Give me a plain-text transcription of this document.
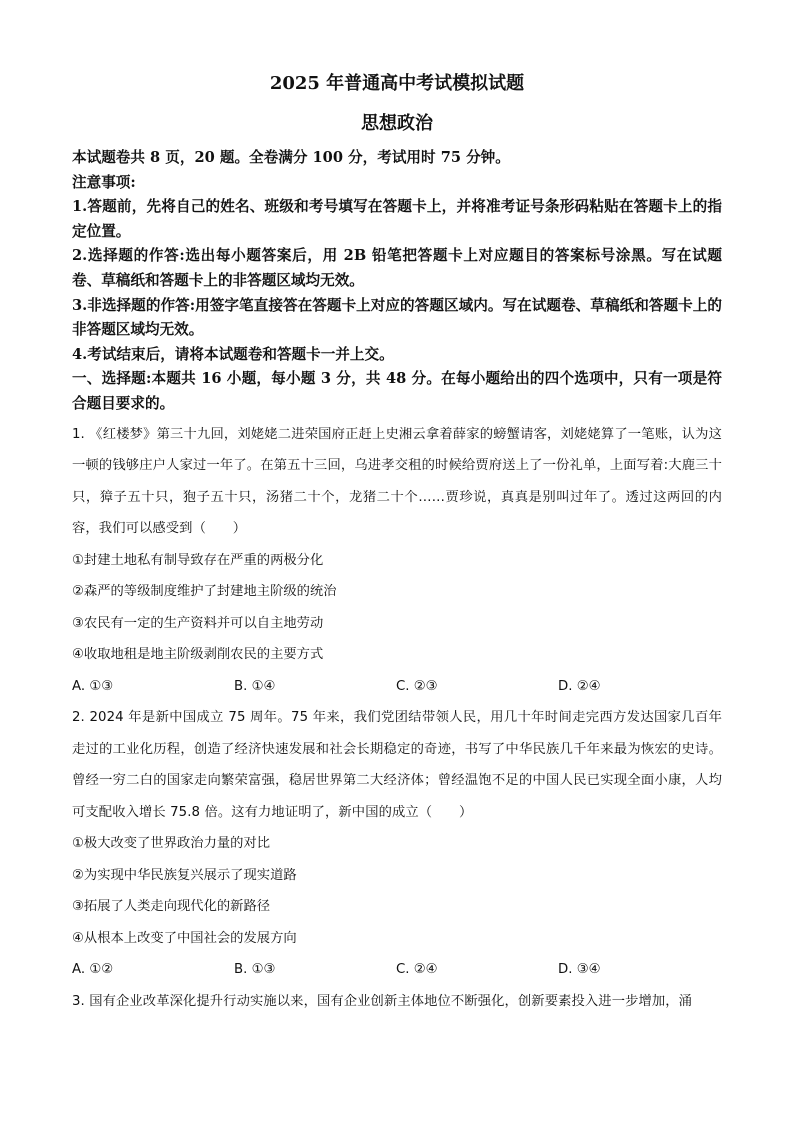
2025 年普通高中考试模拟试题
思想政治

本试题卷共 8 页，20 题。全卷满分 100 分，考试用时 75 分钟。

注意事项:

1.答题前，先将自己的姓名、班级和考号填写在答题卡上，并将准考证号条形码粘贴在答题卡上的指定位置。

2.选择题的作答:选出每小题答案后，用 2B 铅笔把答题卡上对应题目的答案标号涂黑。写在试题卷、草稿纸和答题卡上的非答题区域均无效。

3.非选择题的作答:用签字笔直接答在答题卡上对应的答题区域内。写在试题卷、草稿纸和答题卡上的非答题区域均无效。

4.考试结束后，请将本试题卷和答题卡一并上交。

一、选择题:本题共 16 小题，每小题 3 分，共 48 分。在每小题给出的四个选项中，只有一项是符合题目要求的。

1. 《红楼梦》第三十九回，刘姥姥二进荣国府正赶上史湘云拿着薛家的螃蟹请客，刘姥姥算了一笔账，认为这一顿的钱够庄户人家过一年了。在第五十三回，乌进孝交租的时候给贾府送上了一份礼单，上面写着:大鹿三十只，獐子五十只，狍子五十只，汤猪二十个，龙猪二十个……贾珍说，真真是别叫过年了。透过这两回的内容，我们可以感受到（　　）

①封建土地私有制导致存在严重的两极分化

②森严的等级制度维护了封建地主阶级的统治

③农民有一定的生产资料并可以自主地劳动

④收取地租是地主阶级剥削农民的主要方式

A. ①③	B. ①④	C. ②③	D. ②④

2. 2024 年是新中国成立 75 周年。75 年来，我们党团结带领人民，用几十年时间走完西方发达国家几百年走过的工业化历程，创造了经济快速发展和社会长期稳定的奇迹，书写了中华民族几千年来最为恢宏的史诗。曾经一穷二白的国家走向繁荣富强，稳居世界第二大经济体；曾经温饱不足的中国人民已实现全面小康，人均可支配收入增长 75.8 倍。这有力地证明了，新中国的成立（　　）

①极大改变了世界政治力量的对比

②为实现中华民族复兴展示了现实道路

③拓展了人类走向现代化的新路径

④从根本上改变了中国社会的发展方向

A. ①②	B. ①③	C. ②④	D. ③④

3. 国有企业改革深化提升行动实施以来，国有企业创新主体地位不断强化，创新要素投入进一步增加，涌
